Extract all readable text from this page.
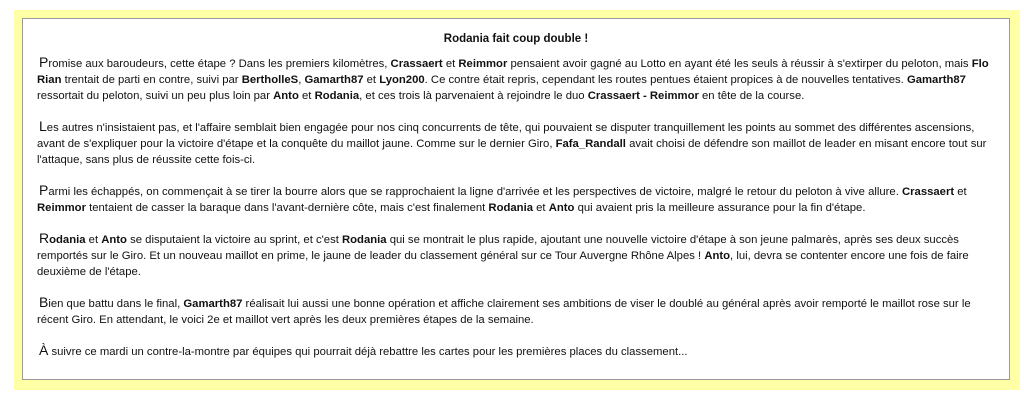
Rodania fait coup double !

Promise aux baroudeurs, cette étape ? Dans les premiers kilomètres, Crassaert et Reimmor pensaient avoir gagné au Lotto en ayant été les seuls à réussir à s'extirper du peloton, mais Flo Rian trentait de parti en contre, suivi par BertholleS, Gamarth87 et Lyon200. Ce contre était repris, cependant les routes pentues étaient propices à de nouvelles tentatives. Gamarth87 ressortait du peloton, suivi un peu plus loin par Anto et Rodania, et ces trois là parvenaient à rejoindre le duo Crassaert - Reimmor en tête de la course.

Les autres n'insistaient pas, et l'affaire semblait bien engagée pour nos cinq concurrents de tête, qui pouvaient se disputer tranquillement les points au sommet des différentes ascensions, avant de s'expliquer pour la victoire d'étape et la conquête du maillot jaune. Comme sur le dernier Giro, Fafa_Randall avait choisi de défendre son maillot de leader en misant encore tout sur l'attaque, sans plus de réussite cette fois-ci.

Parmi les échappés, on commençait à se tirer la bourre alors que se rapprochaient la ligne d'arrivée et les perspectives de victoire, malgré le retour du peloton à vive allure. Crassaert et Reimmor tentaient de casser la baraque dans l'avant-dernière côte, mais c'est finalement Rodania et Anto qui avaient pris la meilleure assurance pour la fin d'étape.

Rodania et Anto se disputaient la victoire au sprint, et c'est Rodania qui se montrait le plus rapide, ajoutant une nouvelle victoire d'étape à son jeune palmarès, après ses deux succès remportés sur le Giro. Et un nouveau maillot en prime, le jaune de leader du classement général sur ce Tour Auvergne Rhône Alpes ! Anto, lui, devra se contenter encore une fois de faire deuxième de l'étape.

Bien que battu dans le final, Gamarth87 réalisait lui aussi une bonne opération et affiche clairement ses ambitions de viser le doublé au général après avoir remporté le maillot rose sur le récent Giro. En attendant, le voici 2e et maillot vert après les deux premières étapes de la semaine.

À suivre ce mardi un contre-la-montre par équipes qui pourrait déjà rebattre les cartes pour les premières places du classement...
